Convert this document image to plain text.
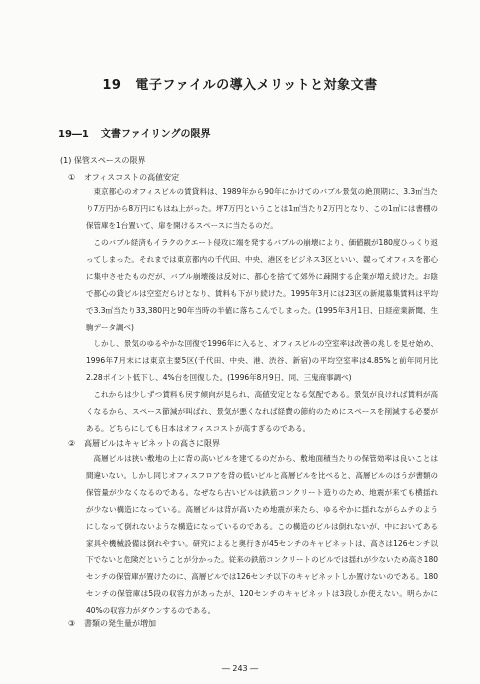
19 電子ファイルの導入メリットと対象文書
19―1 文書ファイリングの限界
(1) 保管スペースの限界
① オフィスコストの高値安定

東京都心のオフィスビルの賃貸料は、1989年から90年にかけてのバブル景気の絶頂期に、3.3㎡当たり7万円から8万円にもはね上がった。坪7万円ということは1㎡当たり2万円となり、この1㎡には書棚の保管庫を1台置いて、扉を開けるスペースに当たるのだ。

このバブル経済もイラクのクエート侵攻に端を発するバブルの崩壊により、価値観が180度ひっくり返ってしまった。それまでは東京都内の千代田、中央、港区をビジネス3区といい、競ってオフィスを都心に集中させたものだが、バブル崩壊後は反対に、都心を捨てて郊外に疎開する企業が増え続けた。お陰で都心の貸ビルは空室だらけとなり、賃料も下がり続けた。1995年3月には23区の新規募集賃料は平均で3.3㎡当たり33,380円と90年当時の半値に落ちこんでしまった。(1995年3月1日、日経産業新聞、生駒データ調べ)

しかし、景気のゆるやかな回復で1996年に入ると、オフィスビルの空室率は改善の兆しを見せ始め、1996年7月末には東京主要5区(千代田、中央、港、渋谷、新宿)の平均空室率は4.85%と前年同月比2.28ポイント低下し、4%台を回復した。(1996年8月9日、同、三鬼商事調べ)

これからは少しずつ賃料も戻す傾向が見られ、高値安定となる気配である。景気が良ければ賃料が高くなるから、スペース節減が叫ばれ、景気が悪くなれば経費の節約のためにスペースを削減する必要がある。どちらにしても日本はオフィスコストが高すぎるのである。

② 高層ビルはキャビネットの高さに限界

高層ビルは狭い敷地の上に背の高いビルを建てるのだから、敷地面積当たりの保管効率は良いことは間違いない。しかし同じオフィスフロアを背の低いビルと高層ビルを比べると、高層ビルのほうが書類の保管量が少なくなるのである。なぜなら古いビルは鉄筋コンクリート造りのため、地震が来ても横揺れが少ない構造になっている。高層ビルは背が高いため地震が来たら、ゆるやかに揺れながらムチのようにしなって倒れないような構造になっているのである。この構造のビルは倒れないが、中においてある家具や機械設備は倒れやすい。研究によると奥行きが45センチのキャビネットは、高さは126センチ以下でないと危険だということが分かった。従来の鉄筋コンクリートのビルでは揺れが少ないため高さ180センチの保管庫が置けたのに、高層ビルでは126センチ以下のキャビネットしか置けないのである。180センチの保管庫は5段の収容力があったが、120センチのキャビネットは3段しか使えない。明らかに40%の収容力がダウンするのである。

③ 書類の発生量が増加
― 243 ―
